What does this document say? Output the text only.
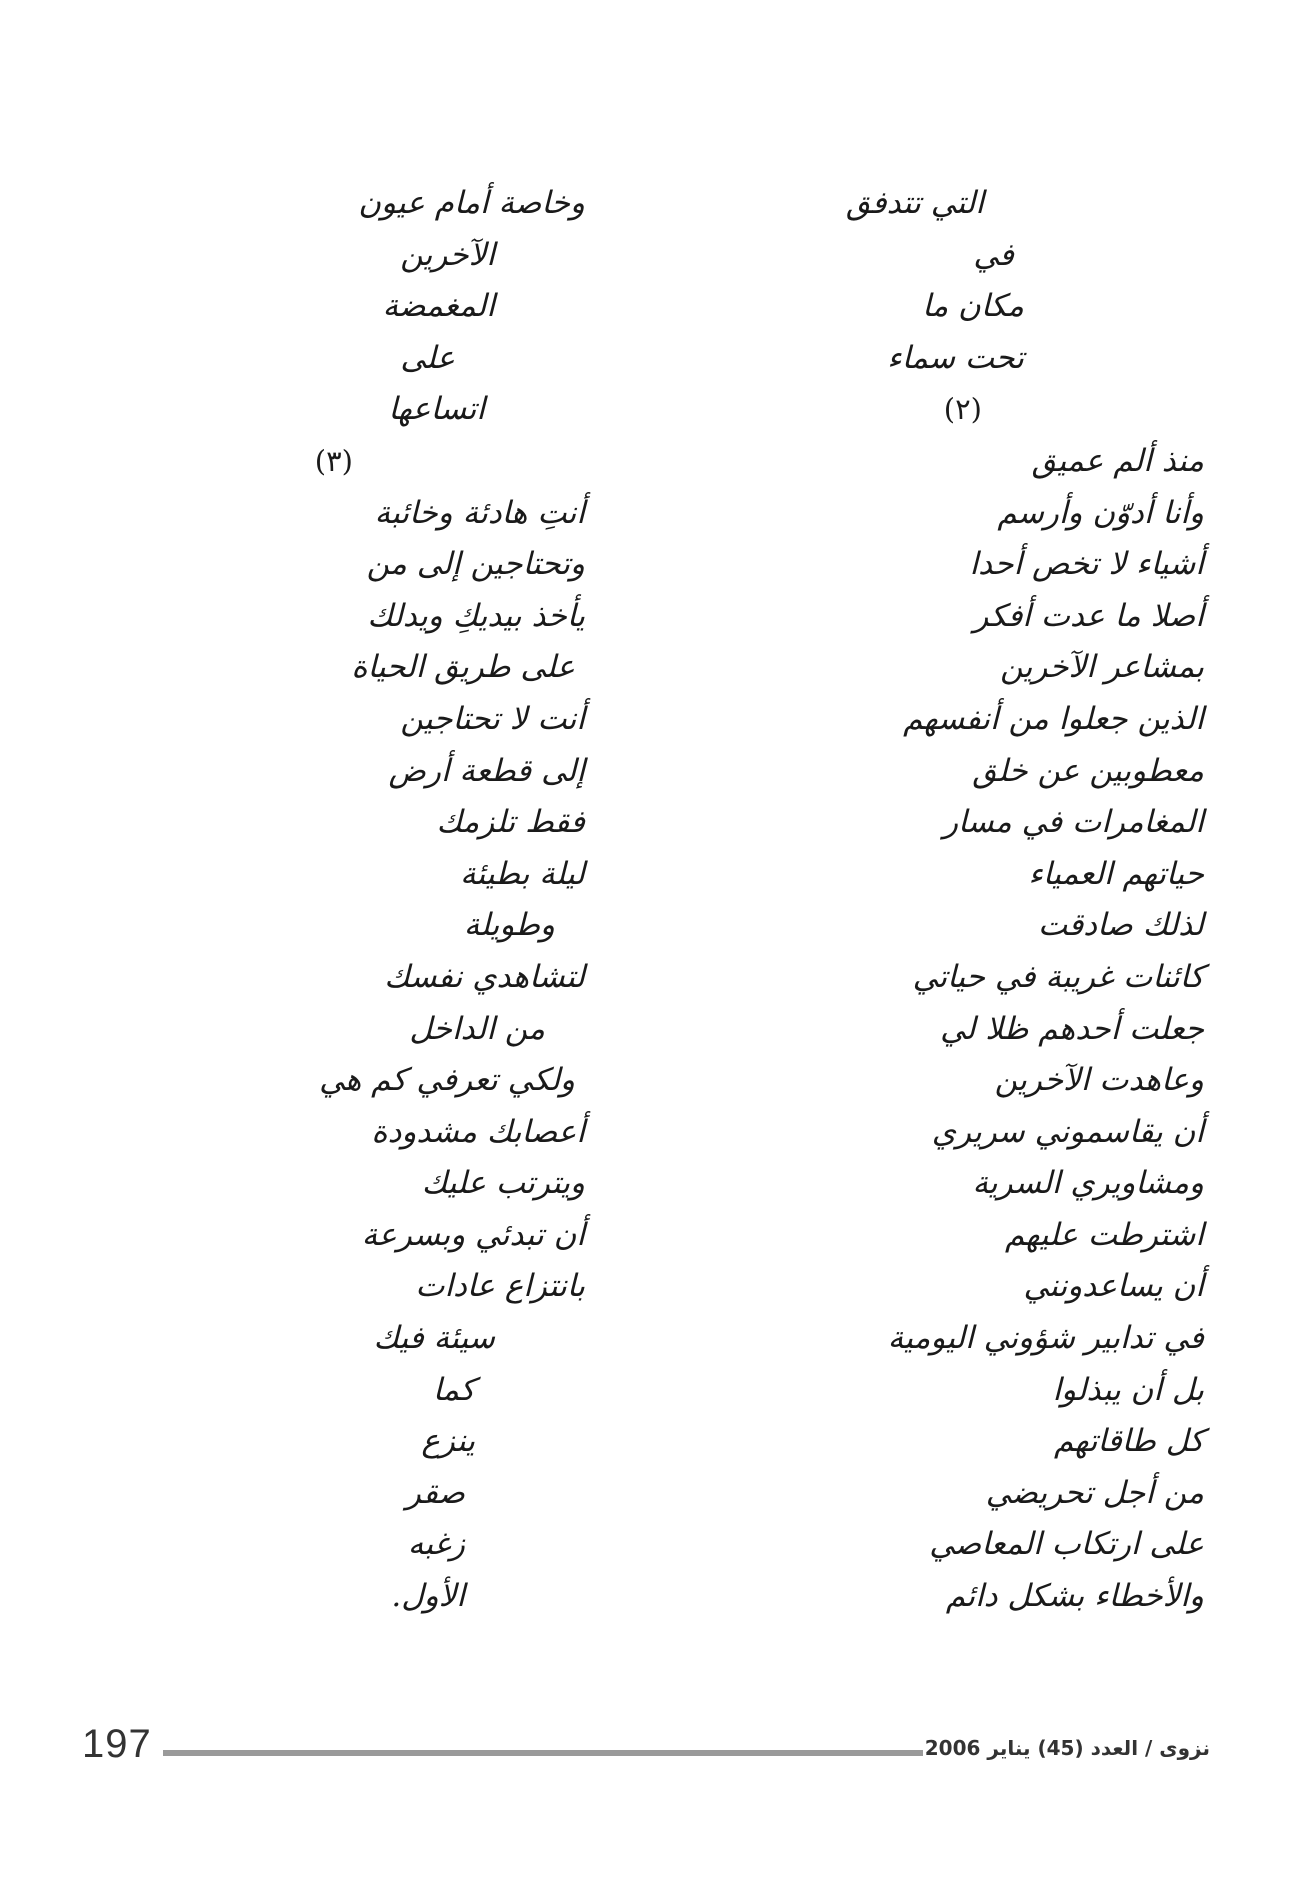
التي تتدفق
في
مكان ما
تحت سماء
(٢)
منذ ألم عميق
وأنا أدوّن وأرسم
أشياء لا تخص أحدا
أصلا ما عدت أفكر
بمشاعر الآخرين
الذين جعلوا من أنفسهم
معطوبين عن خلق
المغامرات في مسار
حياتهم العمياء
لذلك صادقت
كائنات غريبة في حياتي
جعلت أحدهم ظلا لي
وعاهدت الآخرين
أن يقاسموني سريري
ومشاويري السرية
اشترطت عليهم
أن يساعدونني
في تدابير شؤوني اليومية
بل أن يبذلوا
كل طاقاتهم
من أجل تحريضي
على ارتكاب المعاصي
والأخطاء بشكل دائم
وخاصة أمام عيون
الآخرين
المغمضة
على
اتساعها
(٣)
أنتِ هادئة وخائبة
وتحتاجين إلى من
يأخذ بيديكِ ويدلك
على طريق الحياة
أنت لا تحتاجين
إلى قطعة أرض
فقط تلزمك
ليلة بطيئة
وطويلة
لتشاهدي نفسك
من الداخل
ولكي تعرفي كم هي
أعصابك مشدودة
ويترتب عليك
أن تبدئي وبسرعة
بانتزاع عادات
سيئة فيك
كما
ينزع
صقر
زغبه
الأول.
197	نزوى / العدد (45) يناير 2006
